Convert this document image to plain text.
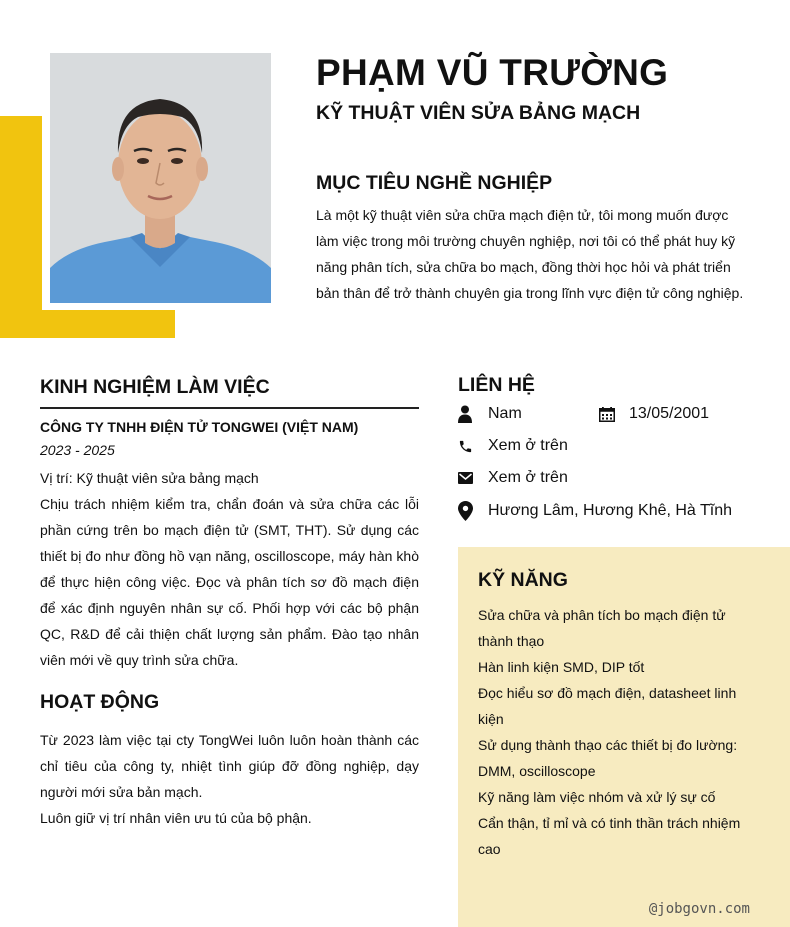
PHẠM VŨ TRƯỜNG
KỸ THUẬT VIÊN SỬA BẢNG MẠCH
MỤC TIÊU NGHỀ NGHIỆP
Là một kỹ thuật viên sửa chữa mạch điện tử, tôi mong muốn được làm việc trong môi trường chuyên nghiệp, nơi tôi có thể phát huy kỹ năng phân tích, sửa chữa bo mạch, đồng thời học hỏi và phát triển bản thân để trở thành chuyên gia trong lĩnh vực điện tử công nghiệp.
KINH NGHIỆM LÀM VIỆC
CÔNG TY TNHH ĐIỆN TỬ TONGWEI (VIỆT NAM)
2023 - 2025

Vị trí: Kỹ thuật viên sửa bảng mạch

Chịu trách nhiệm kiểm tra, chẩn đoán và sửa chữa các lỗi phần cứng trên bo mạch điện tử (SMT, THT). Sử dụng các thiết bị đo như đồng hồ vạn năng, oscilloscope, máy hàn khò để thực hiện công việc. Đọc và phân tích sơ đồ mạch điện để xác định nguyên nhân sự cố. Phối hợp với các bộ phận QC, R&D để cải thiện chất lượng sản phẩm. Đào tạo nhân viên mới về quy trình sửa chữa.

HOẠT ĐỘNG

Từ 2023 làm việc tại cty TongWei luôn luôn hoàn thành các chỉ tiêu của công ty, nhiệt tình giúp đỡ đồng nghiệp, dạy người mới sửa bản mạch.

Luôn giữ vị trí nhân viên ưu tú của bộ phận.

LIÊN HỆ
Nam	13/05/2001
Xem ở trên
Xem ở trên
Hương Lâm, Hương Khê, Hà Tĩnh
KỸ NĂNG
Sửa chữa và phân tích bo mạch điện tử thành thạo
Hàn linh kiện SMD, DIP tốt
Đọc hiểu sơ đồ mạch điện, datasheet linh kiện
Sử dụng thành thạo các thiết bị đo lường: DMM, oscilloscope
Kỹ năng làm việc nhóm và xử lý sự cố
Cẩn thận, tỉ mỉ và có tinh thần trách nhiệm cao
@jobgovn.com
